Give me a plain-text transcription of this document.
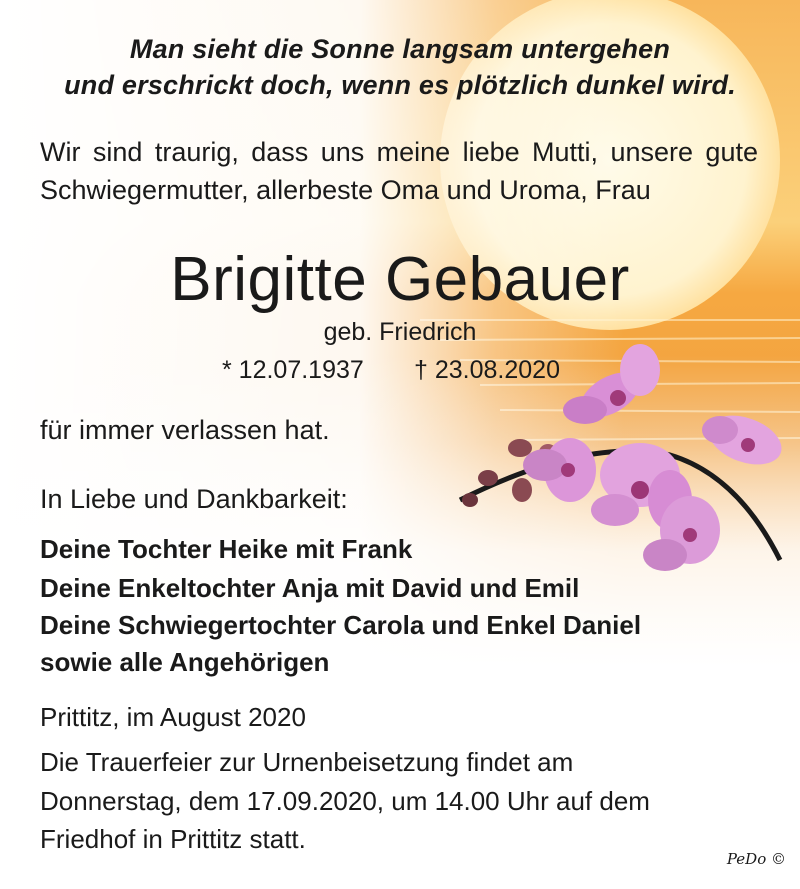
Man sieht die Sonne langsam untergehen
und erschrickt doch, wenn es plötzlich dunkel wird.
Wir sind traurig, dass uns meine liebe Mutti, unsere gute Schwiegermutter, allerbeste Oma und Uroma, Frau
Brigitte Gebauer
geb. Friedrich
* 12.07.1937 † 23.08.2020
für immer verlassen hat.
In Liebe und Dankbarkeit:
Deine Tochter Heike mit Frank
Deine Enkeltochter Anja mit David und Emil
Deine Schwiegertochter Carola und Enkel Daniel
sowie alle Angehörigen
Prittitz, im August 2020
Die Trauerfeier zur Urnenbeisetzung findet am
Donnerstag, dem 17.09.2020, um 14.00 Uhr auf dem
Friedhof in Prittitz statt.
PeDo ©
